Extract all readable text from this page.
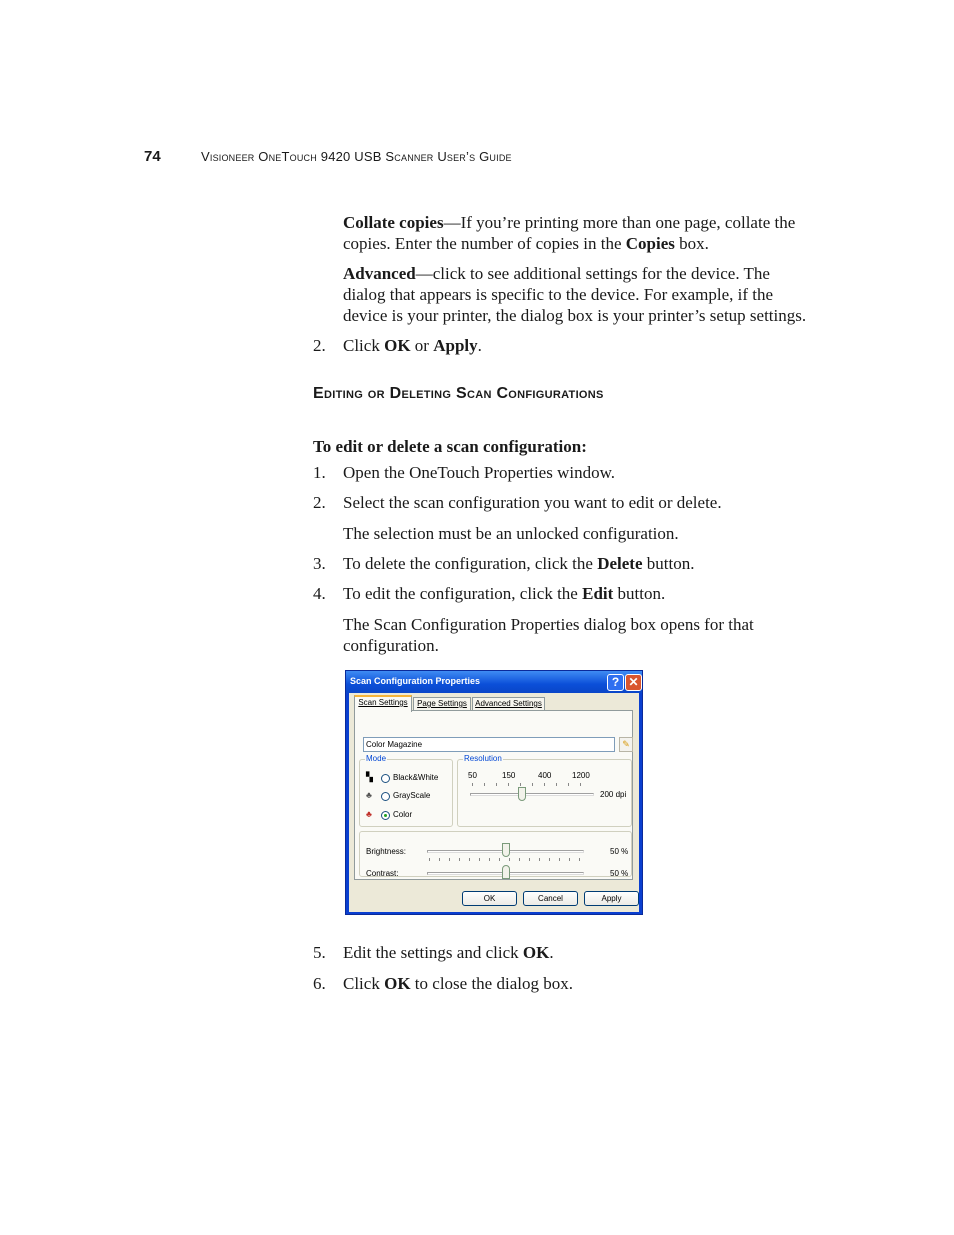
74	Visioneer OneTouch 9420 USB Scanner User’s Guide
Collate copies—If you’re printing more than one page, collate the
copies. Enter the number of copies in the Copies box.
Advanced—click to see additional settings for the device. The
dialog that appears is specific to the device. For example, if the
device is your printer, the dialog box is your printer’s setup settings.
2. Click OK or Apply.
Editing or Deleting Scan Configurations
To edit or delete a scan configuration:
1. Open the OneTouch Properties window.
2. Select the scan configuration you want to edit or delete.
The selection must be an unlocked configuration.
3. To delete the configuration, click the Delete button.
4. To edit the configuration, click the Edit button.
The Scan Configuration Properties dialog box opens for that
configuration.
Scan Configuration Properties	? ✕
Scan Settings	Page Settings	Advanced Settings
Color Magazine	✎
Mode
▚	Black&White
♣	GrayScale
♣	Color
Resolution
50	150	400	1200
200 dpi
Brightness:	50 %
Contrast:	50 %
OK	Cancel	Apply
5. Edit the settings and click OK.
6. Click OK to close the dialog box.
